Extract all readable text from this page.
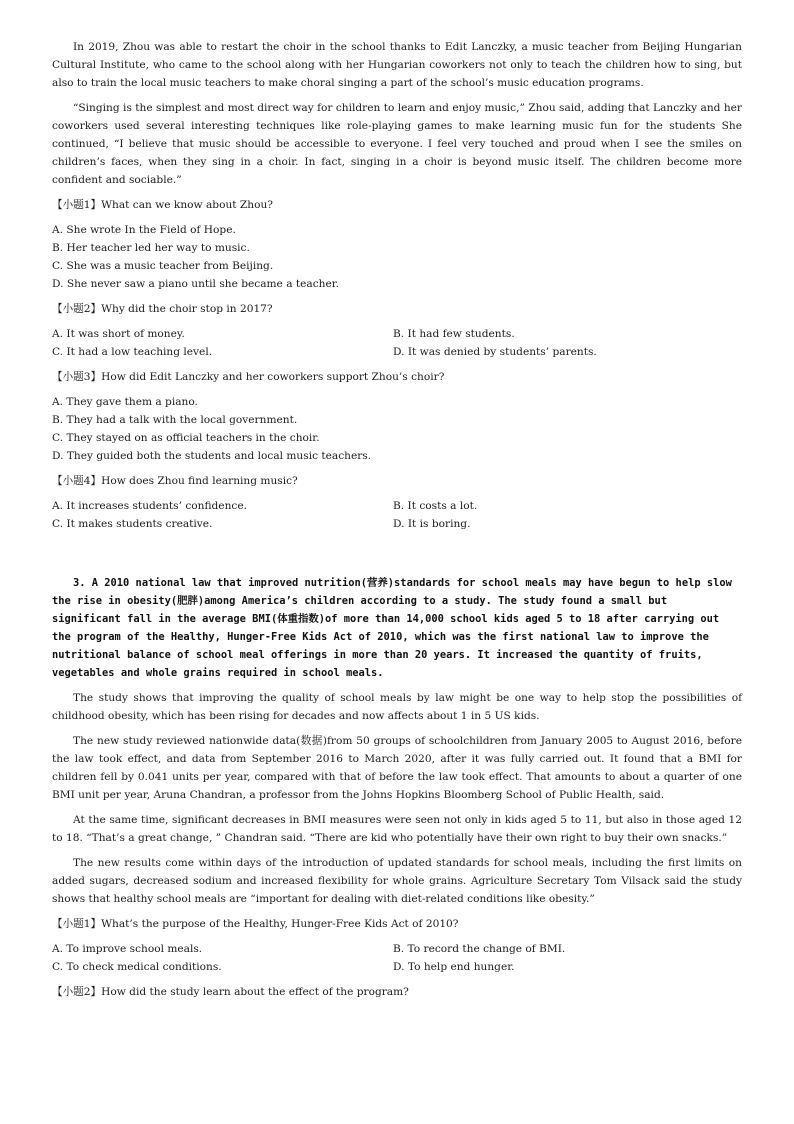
In 2019, Zhou was able to restart the choir in the school thanks to Edit Lanczky, a music teacher from Beijing Hungarian Cultural Institute, who came to the school along with her Hungarian coworkers not only to teach the children how to sing, but also to train the local music teachers to make choral singing a part of the school’s music education programs.

“Singing is the simplest and most direct way for children to learn and enjoy music,” Zhou said, adding that Lanczky and her coworkers used several interesting techniques like role-playing games to make learning music fun for the students She continued, “I believe that music should be accessible to everyone. I feel very touched and proud when I see the smiles on children’s faces, when they sing in a choir. In fact, singing in a choir is beyond music itself. The children become more confident and sociable.”

【小题1】What can we know about Zhou?

A. She wrote In the Field of Hope.
B. Her teacher led her way to music.
C. She was a music teacher from Beijing.
D. She never saw a piano until she became a teacher.

【小题2】Why did the choir stop in 2017?

A. It was short of money.	B. It had few students.
C. It had a low teaching level.	D. It was denied by students’ parents.

【小题3】How did Edit Lanczky and her coworkers support Zhou’s choir?

A. They gave them a piano.
B. They had a talk with the local government.
C. They stayed on as official teachers in the choir.
D. They guided both the students and local music teachers.

【小题4】How does Zhou find learning music?

A. It increases students’ confidence.	B. It costs a lot.
C. It makes students creative.	D. It is boring.

3. A 2010 national law that improved nutrition(营养)standards for school meals may have begun to help slow the rise in obesity(肥胖)among America’s children according to a study. The study found a small but significant fall in the average BMI(体重指数)of more than 14,000 school kids aged 5 to 18 after carrying out the program of the Healthy, Hunger-Free Kids Act of 2010, which was the first national law to improve the nutritional balance of school meal offerings in more than 20 years. It increased the quantity of fruits, vegetables and whole grains required in school meals.

The study shows that improving the quality of school meals by law might be one way to help stop the possibilities of childhood obesity, which has been rising for decades and now affects about 1 in 5 US kids.

The new study reviewed nationwide data(数据)from 50 groups of schoolchildren from January 2005 to August 2016, before the law took effect, and data from September 2016 to March 2020, after it was fully carried out. It found that a BMI for children fell by 0.041 units per year, compared with that of before the law took effect. That amounts to about a quarter of one BMI unit per year, Aruna Chandran, a professor from the Johns Hopkins Bloomberg School of Public Health, said.

At the same time, significant decreases in BMI measures were seen not only in kids aged 5 to 11, but also in those aged 12 to 18. “That’s a great change, ” Chandran said. “There are kid who potentially have their own right to buy their own snacks.”

The new results come within days of the introduction of updated standards for school meals, including the first limits on added sugars, decreased sodium and increased flexibility for whole grains. Agriculture Secretary Tom Vilsack said the study shows that healthy school meals are “important for dealing with diet-related conditions like obesity.”

【小题1】What’s the purpose of the Healthy, Hunger-Free Kids Act of 2010?

A. To improve school meals.	B. To record the change of BMI.
C. To check medical conditions.	D. To help end hunger.

【小题2】How did the study learn about the effect of the program?
